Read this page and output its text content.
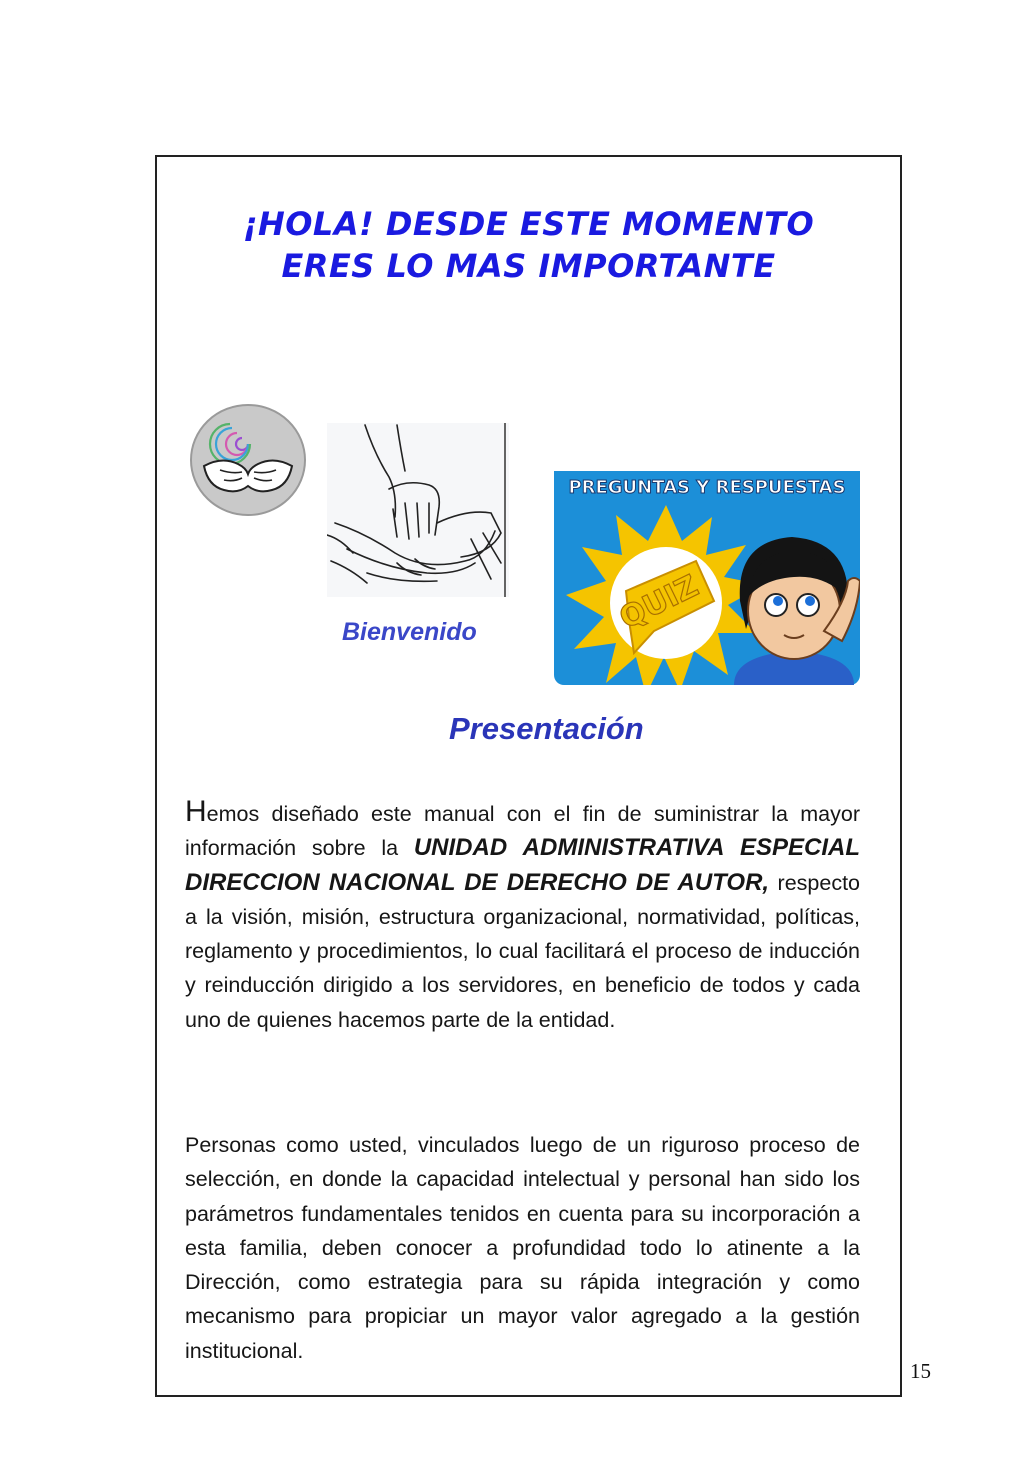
¡HOLA! DESDE ESTE MOMENTO
ERES LO MAS IMPORTANTE
PREGUNTAS Y RESPUESTAS
QUIZ
Bienvenido
Presentación
Hemos diseñado este manual con el fin de suministrar la mayor información sobre la UNIDAD ADMINISTRATIVA ESPECIAL DIRECCION NACIONAL DE DERECHO DE AUTOR, respecto a la visión, misión, estructura organizacional, normatividad, políticas, reglamento y procedimientos, lo cual facilitará el proceso de inducción y reinducción dirigido a los servidores, en beneficio de todos y cada uno de quienes hacemos parte de la entidad.
Personas como usted, vinculados luego de un riguroso proceso de selección, en donde la capacidad intelectual y personal han sido los parámetros fundamentales tenidos en cuenta para su incorporación a esta familia, deben conocer a profundidad todo lo atinente a la Dirección, como estrategia para su rápida integración y como mecanismo para propiciar un mayor valor agregado a la gestión institucional.
15
